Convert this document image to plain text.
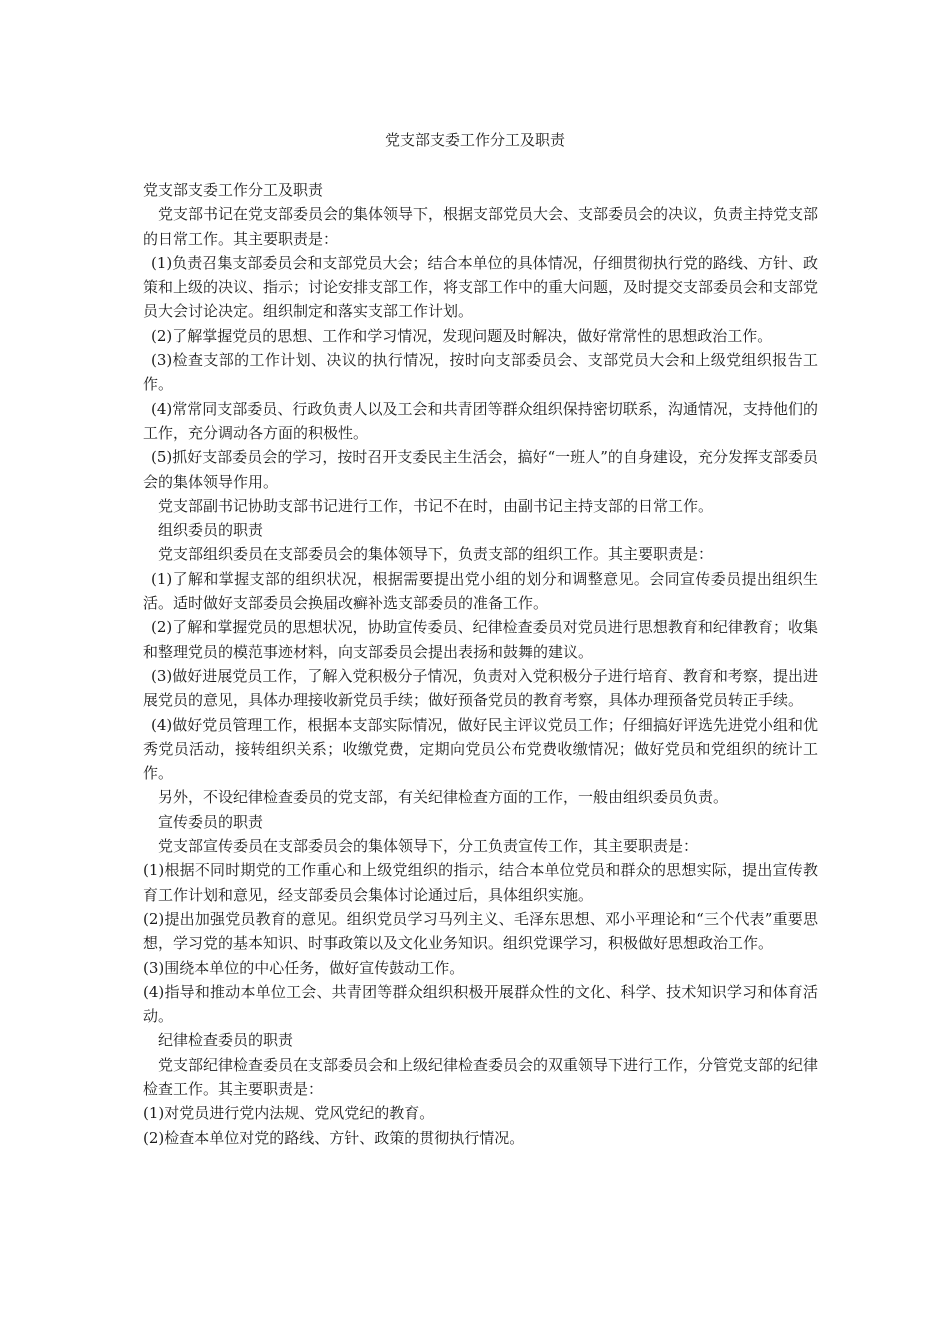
党支部支委工作分工及职责

党支部支委工作分工及职责

党支部书记在党支部委员会的集体领导下，根据支部党员大会、支部委员会的决议，负责主持党支部的日常工作。其主要职责是：

(1)负责召集支部委员会和支部党员大会；结合本单位的具体情况，仔细贯彻执行党的路线、方针、政策和上级的决议、指示；讨论安排支部工作，将支部工作中的重大问题，及时提交支部委员会和支部党员大会讨论决定。组织制定和落实支部工作计划。

(2)了解掌握党员的思想、工作和学习情况，发现问题及时解决，做好常常性的思想政治工作。

(3)检查支部的工作计划、决议的执行情况，按时向支部委员会、支部党员大会和上级党组织报告工作。

(4)常常同支部委员、行政负责人以及工会和共青团等群众组织保持密切联系，沟通情况，支持他们的工作，充分调动各方面的积极性。

(5)抓好支部委员会的学习，按时召开支委民主生活会，搞好“一班人”的自身建设，充分发挥支部委员会的集体领导作用。

党支部副书记协助支部书记进行工作，书记不在时，由副书记主持支部的日常工作。

组织委员的职责

党支部组织委员在支部委员会的集体领导下，负责支部的组织工作。其主要职责是：

(1)了解和掌握支部的组织状况，根据需要提出党小组的划分和调整意见。会同宣传委员提出组织生活。适时做好支部委员会换届改癣补选支部委员的准备工作。

(2)了解和掌握党员的思想状况，协助宣传委员、纪律检查委员对党员进行思想教育和纪律教育；收集和整理党员的模范事迹材料，向支部委员会提出表扬和鼓舞的建议。

(3)做好进展党员工作，了解入党积极分子情况，负责对入党积极分子进行培育、教育和考察，提出进展党员的意见，具体办理接收新党员手续；做好预备党员的教育考察，具体办理预备党员转正手续。

(4)做好党员管理工作，根据本支部实际情况，做好民主评议党员工作；仔细搞好评选先进党小组和优秀党员活动，接转组织关系；收缴党费，定期向党员公布党费收缴情况；做好党员和党组织的统计工作。

另外，不设纪律检查委员的党支部，有关纪律检查方面的工作，一般由组织委员负责。

宣传委员的职责

党支部宣传委员在支部委员会的集体领导下，分工负责宣传工作，其主要职责是：

(1)根据不同时期党的工作重心和上级党组织的指示，结合本单位党员和群众的思想实际，提出宣传教育工作计划和意见，经支部委员会集体讨论通过后，具体组织实施。

(2)提出加强党员教育的意见。组织党员学习马列主义、毛泽东思想、邓小平理论和“三个代表”重要思想，学习党的基本知识、时事政策以及文化业务知识。组织党课学习，积极做好思想政治工作。

(3)围绕本单位的中心任务，做好宣传鼓动工作。

(4)指导和推动本单位工会、共青团等群众组织积极开展群众性的文化、科学、技术知识学习和体育活动。

纪律检查委员的职责

党支部纪律检查委员在支部委员会和上级纪律检查委员会的双重领导下进行工作，分管党支部的纪律检查工作。其主要职责是：

(1)对党员进行党内法规、党风党纪的教育。

(2)检查本单位对党的路线、方针、政策的贯彻执行情况。
